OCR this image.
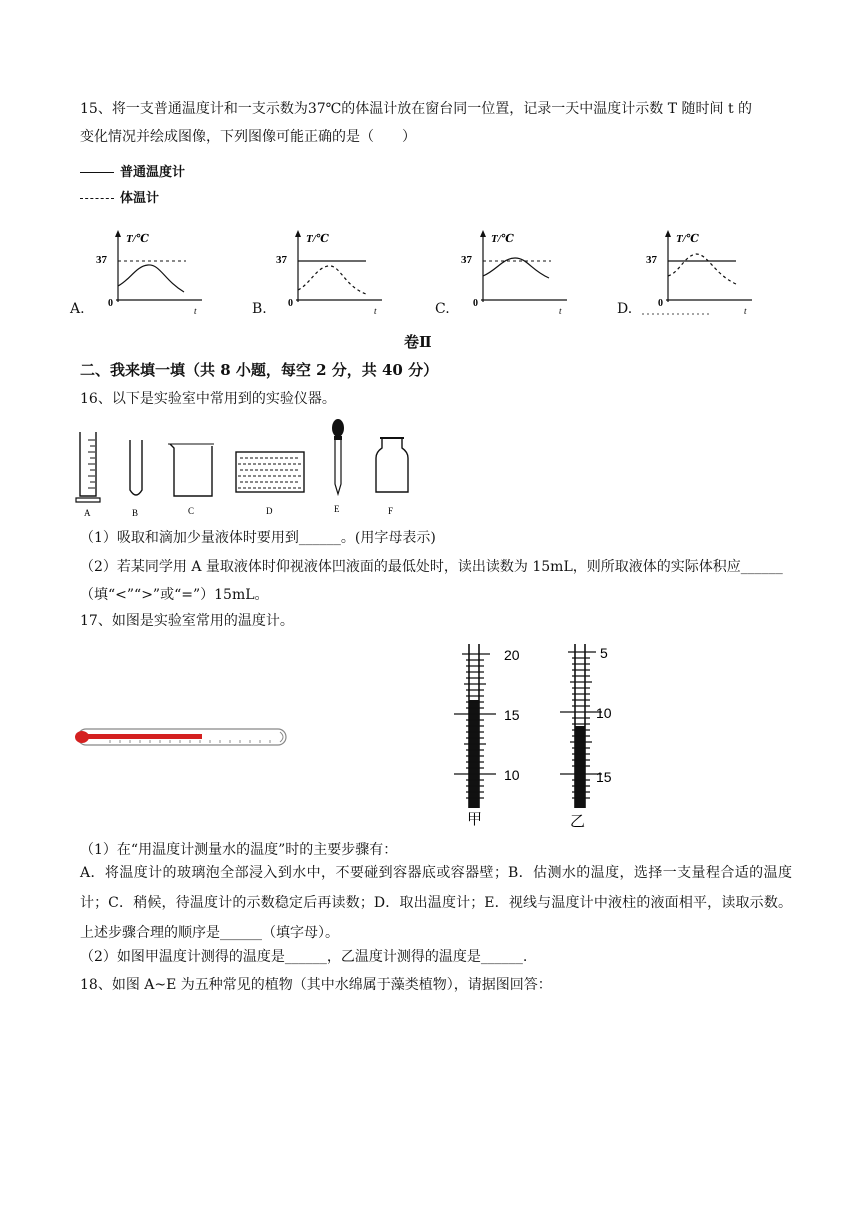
15、将一支普通温度计和一支示数为37℃的体温计放在窗台同一位置，记录一天中温度计示数 T 随时间 t 的
变化情况并绘成图像，下列图像可能正确的是（　　）
普通温度计
体温计
T/℃
37
0
t
A.
T/℃
37
0
t
B.
T/℃
37
0
t
C.
T/℃
37
0
t
D.
卷Ⅱ
二、我来填一填（共 8 小题，每空 2 分，共 40 分）
16、以下是实验室中常用到的实验仪器。
A	B	C	D	E	F
（1）吸取和滴加少量液体时要用到______。(用字母表示)
（2）若某同学用 A 量取液体时仰视液体凹液面的最低处时，读出读数为 15mL，则所取液体的实际体积应______
（填“<”“>”或“=”）15mL。
17、如图是实验室常用的温度计。
20
15
10
甲
5
10
15
乙
（1）在“用温度计测量水的温度”时的主要步骤有：
A．将温度计的玻璃泡全部浸入到水中，不要碰到容器底或容器壁；B．估测水的温度，选择一支量程合适的温度计；C．稍候，待温度计的示数稳定后再读数；D．取出温度计；E．视线与温度计中液柱的液面相平，读取示数。上述步骤合理的顺序是______（填字母）。
（2）如图甲温度计测得的温度是______，乙温度计测得的温度是______.
18、如图 A~E 为五种常见的植物（其中水绵属于藻类植物），请据图回答：
